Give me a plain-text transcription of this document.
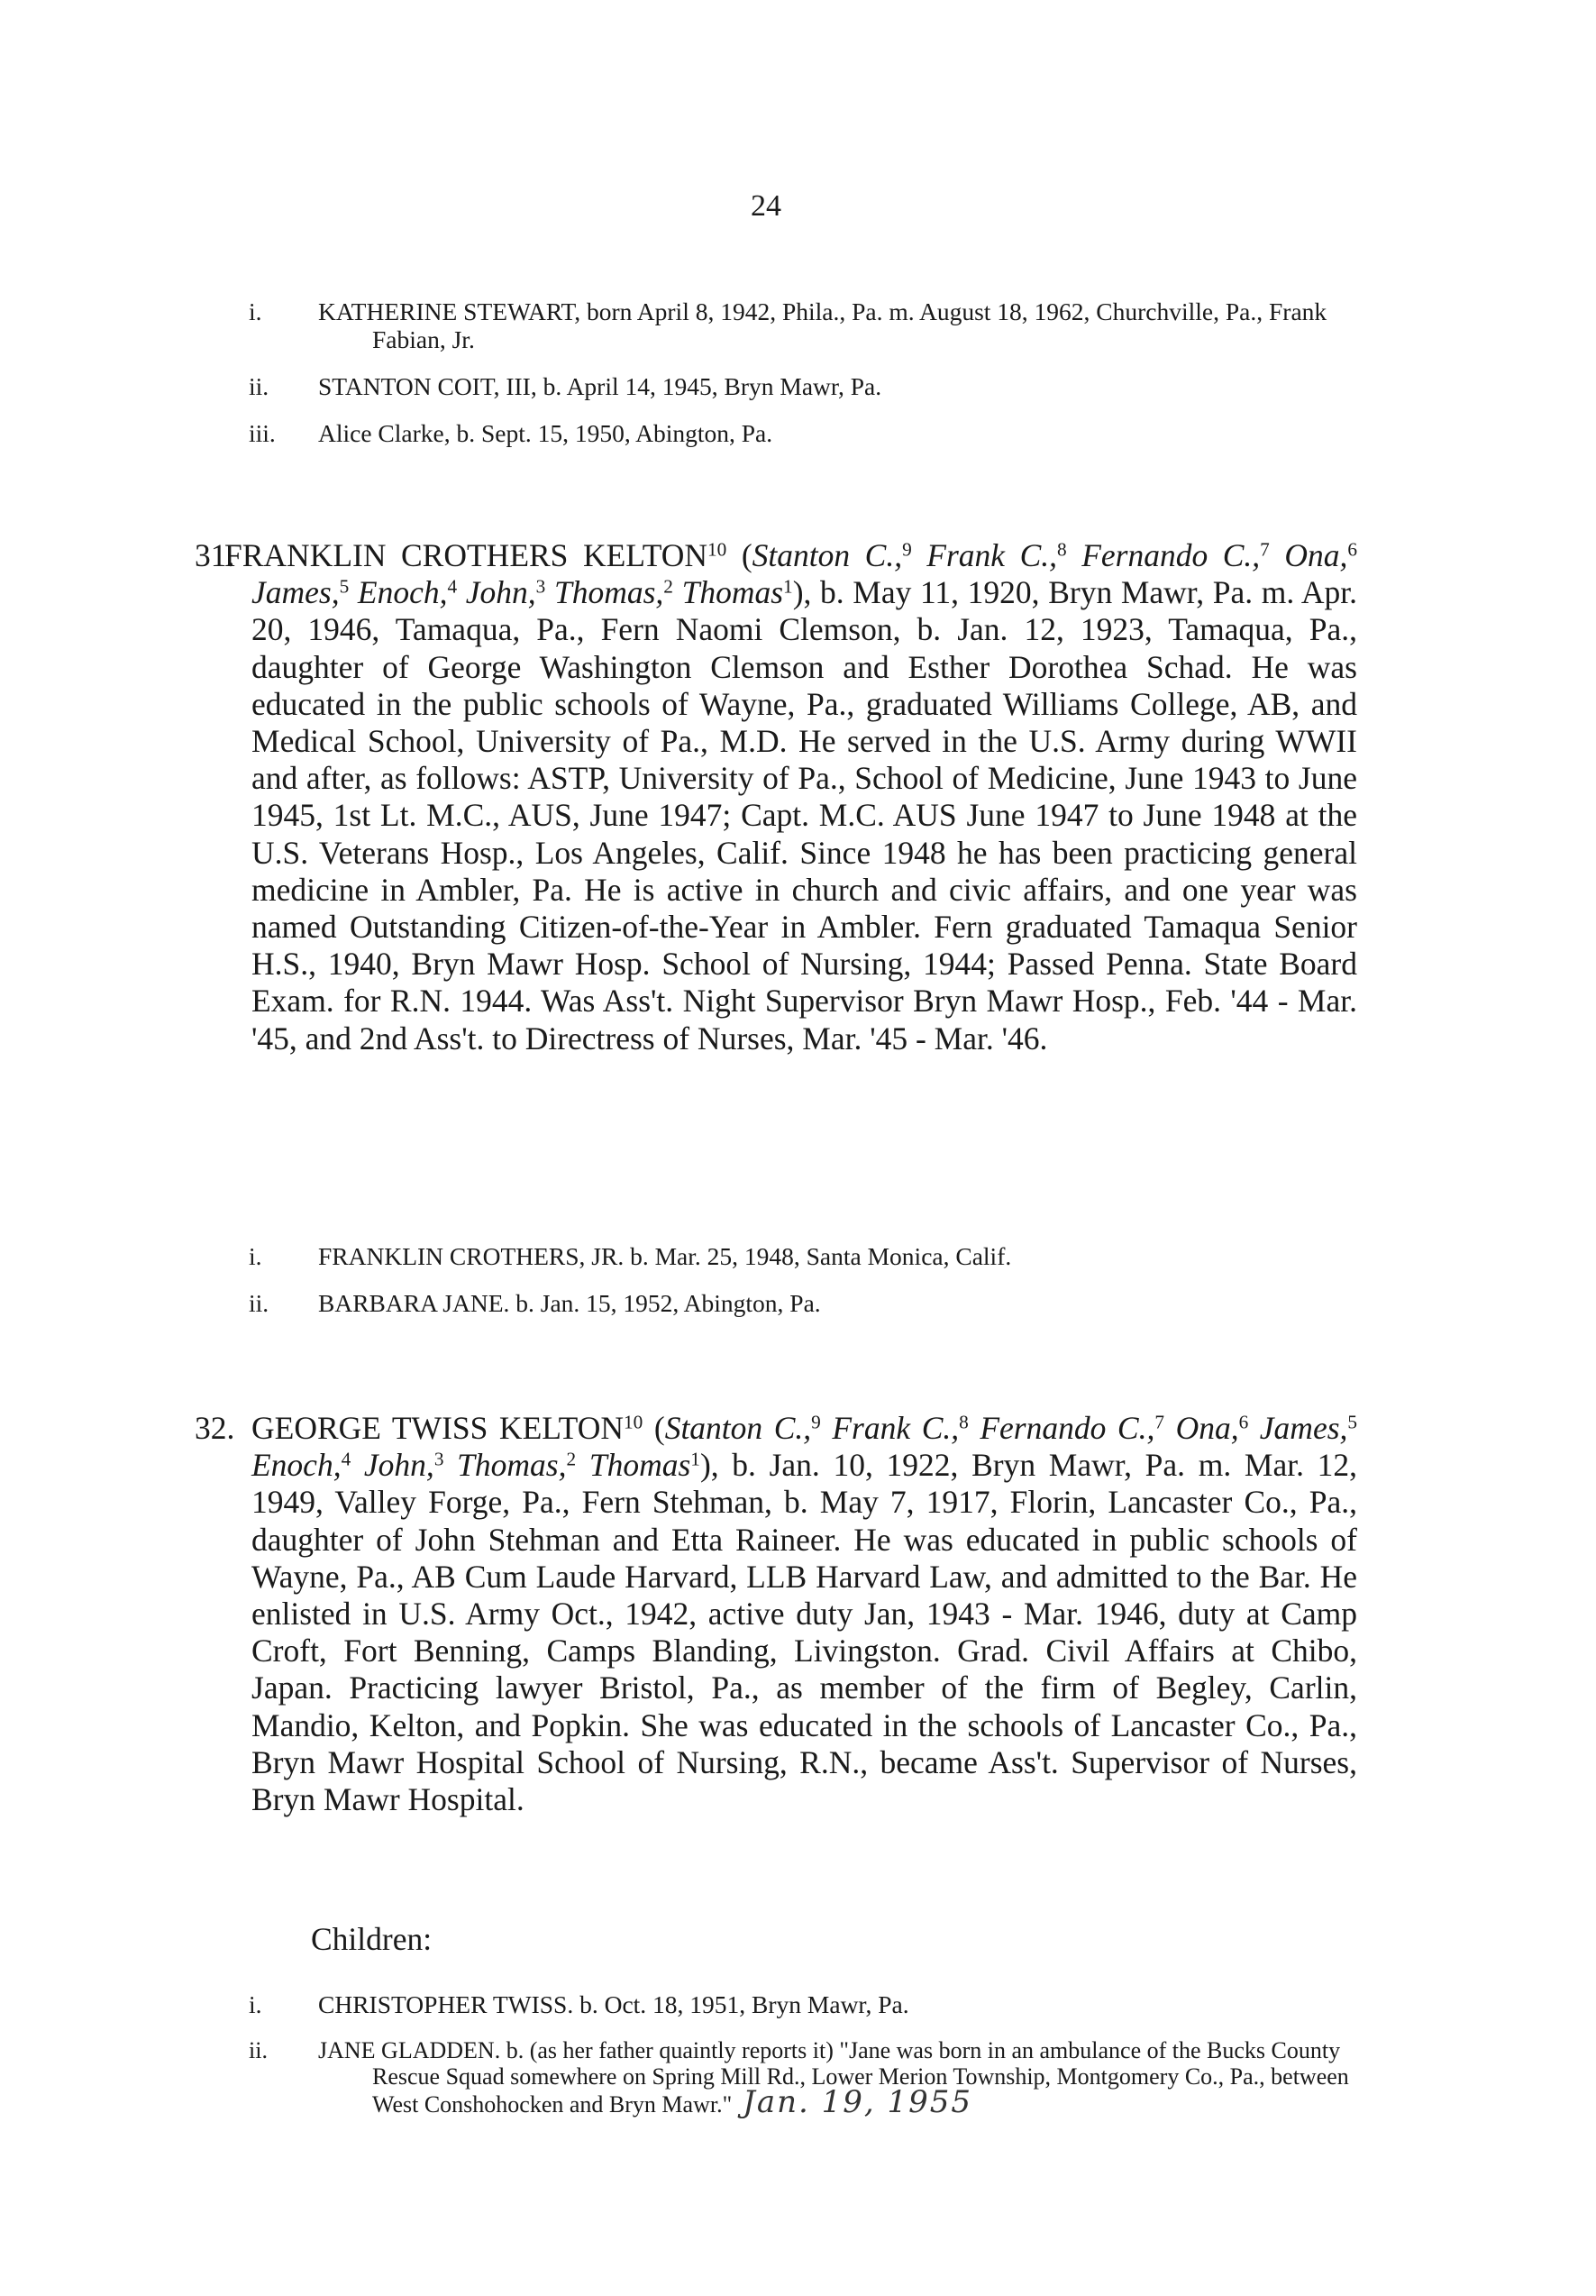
24
i.	KATHERINE STEWART, born April 8, 1942, Phila., Pa. m. August 18, 1962, Churchville, Pa., Frank Fabian, Jr.
ii.	STANTON COIT, III, b. April 14, 1945, Bryn Mawr, Pa.
iii.	Alice Clarke, b. Sept. 15, 1950, Abington, Pa.
31.
FRANKLIN CROTHERS KELTON$^{10}$ (Stanton C.,$^9$ Frank C.,$^8$ Fernando C.,$^7$ Ona,$^6$ James,$^5$ Enoch,$^4$ John,$^3$ Thomas,$^2$ Thomas$^1$), b. May 11, 1920, Bryn Mawr, Pa. m. Apr. 20, 1946, Tamaqua, Pa., Fern Naomi Clemson, b. Jan. 12, 1923, Tamaqua, Pa., daughter of George Washington Clemson and Esther Dorothea Schad. He was educated in the public schools of Wayne, Pa., graduated Williams College, AB, and Medical School, University of Pa., M.D. He served in the U.S. Army during WWII and after, as follows: ASTP, University of Pa., School of Medicine, June 1943 to June 1945, 1st Lt. M.C., AUS, June 1947; Capt. M.C. AUS June 1947 to June 1948 at the U.S. Veterans Hosp., Los Angeles, Calif. Since 1948 he has been practicing general medicine in Ambler, Pa. He is active in church and civic affairs, and one year was named Outstanding Citizen-of-the-Year in Ambler. Fern graduated Tamaqua Senior H.S., 1940, Bryn Mawr Hosp. School of Nursing, 1944; Passed Penna. State Board Exam. for R.N. 1944. Was Ass't. Night Supervisor Bryn Mawr Hosp., Feb. '44 - Mar. '45, and 2nd Ass't. to Directress of Nurses, Mar. '45 - Mar. '46.
i.	FRANKLIN CROTHERS, JR. b. Mar. 25, 1948, Santa Monica, Calif.
ii.	BARBARA JANE. b. Jan. 15, 1952, Abington, Pa.
32. GEORGE TWISS KELTON$^{10}$ (Stanton C.,$^9$ Frank C.,$^8$ Fernando C.,$^7$ Ona,$^6$ James,$^5$ Enoch,$^4$ John,$^3$ Thomas,$^2$ Thomas$^1$), b. Jan. 10, 1922, Bryn Mawr, Pa. m. Mar. 12, 1949, Valley Forge, Pa., Fern Stehman, b. May 7, 1917, Florin, Lancaster Co., Pa., daughter of John Stehman and Etta Raineer. He was educated in public schools of Wayne, Pa., AB Cum Laude Harvard, LLB Harvard Law, and admitted to the Bar. He enlisted in U.S. Army Oct., 1942, active duty Jan, 1943 - Mar. 1946, duty at Camp Croft, Fort Benning, Camps Blanding, Livingston. Grad. Civil Affairs at Chibo, Japan. Practicing lawyer Bristol, Pa., as member of the firm of Begley, Carlin, Mandio, Kelton, and Popkin. She was educated in the schools of Lancaster Co., Pa., Bryn Mawr Hospital School of Nursing, R.N., became Ass't. Supervisor of Nurses, Bryn Mawr Hospital.
Children:
i.	CHRISTOPHER TWISS. b. Oct. 18, 1951, Bryn Mawr, Pa.
ii.	JANE GLADDEN. b. (as her father quaintly reports it) "Jane was born in an ambulance of the Bucks County Rescue Squad somewhere on Spring Mill Rd., Lower Merion Township, Montgomery Co., Pa., between West Conshohocken and Bryn Mawr." Jan. 19, 1955
